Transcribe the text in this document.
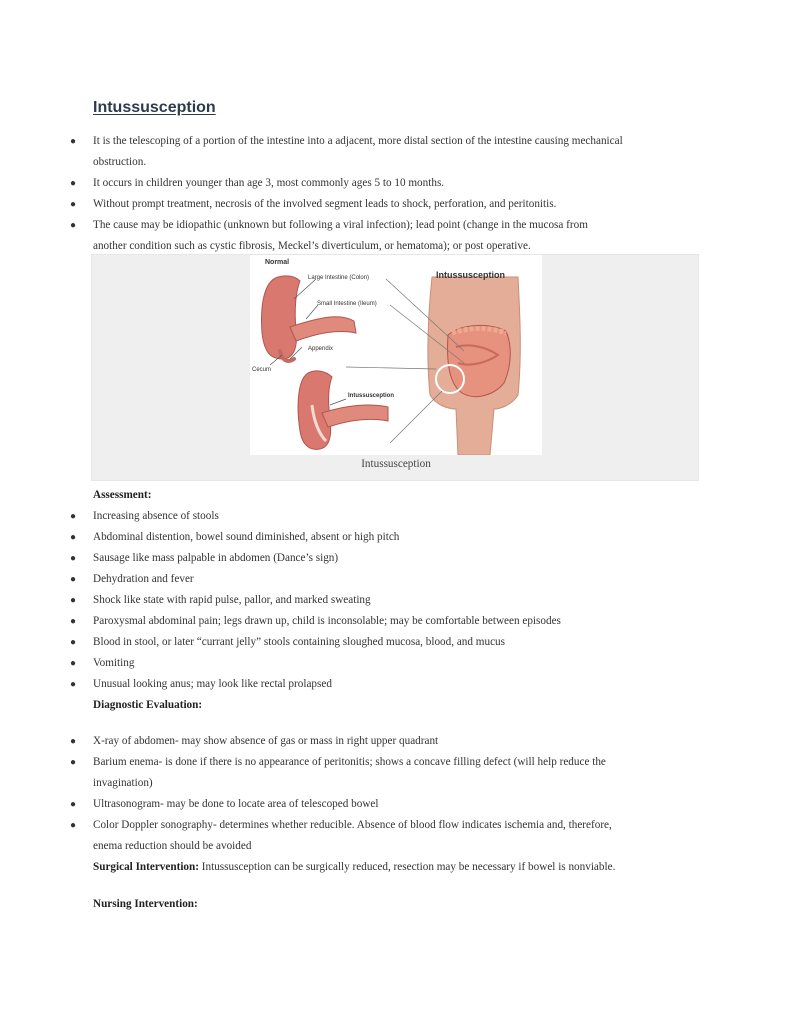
Intussusception
● It is the telescoping of a portion of the intestine into a adjacent, more distal section of the intestine causing mechanical
obstruction.
● It occurs in children younger than age 3, most commonly ages 5 to 10 months.
● Without prompt treatment, necrosis of the involved segment leads to shock, perforation, and peritonitis.
● The cause may be idiopathic (unknown but following a viral infection); lead point (change in the mucosa from
another condition such as cystic fibrosis, Meckel’s diverticulum, or hematoma); or post operative.
Normal
Large Intestine (Colon)
Small Intestine (Ileum)
Appendix
Cecum
Intussusception
Intussusception
Intussusception
Assessment:
● Increasing absence of stools
● Abdominal distention, bowel sound diminished, absent or high pitch
● Sausage like mass palpable in abdomen (Dance’s sign)
● Dehydration and fever
● Shock like state with rapid pulse, pallor, and marked sweating
● Paroxysmal abdominal pain; legs drawn up, child is inconsolable; may be comfortable between episodes
● Blood in stool, or later “currant jelly” stools containing sloughed mucosa, blood, and mucus
● Vomiting
● Unusual looking anus; may look like rectal prolapsed
Diagnostic Evaluation:
● X-ray of abdomen- may show absence of gas or mass in right upper quadrant
● Barium enema- is done if there is no appearance of peritonitis; shows a concave filling defect (will help reduce the
invagination)
● Ultrasonogram- may be done to locate area of telescoped bowel
● Color Doppler sonography- determines whether reducible. Absence of blood flow indicates ischemia and, therefore,
enema reduction should be avoided
Surgical Intervention: Intussusception can be surgically reduced, resection may be necessary if bowel is nonviable.
Nursing Intervention:
